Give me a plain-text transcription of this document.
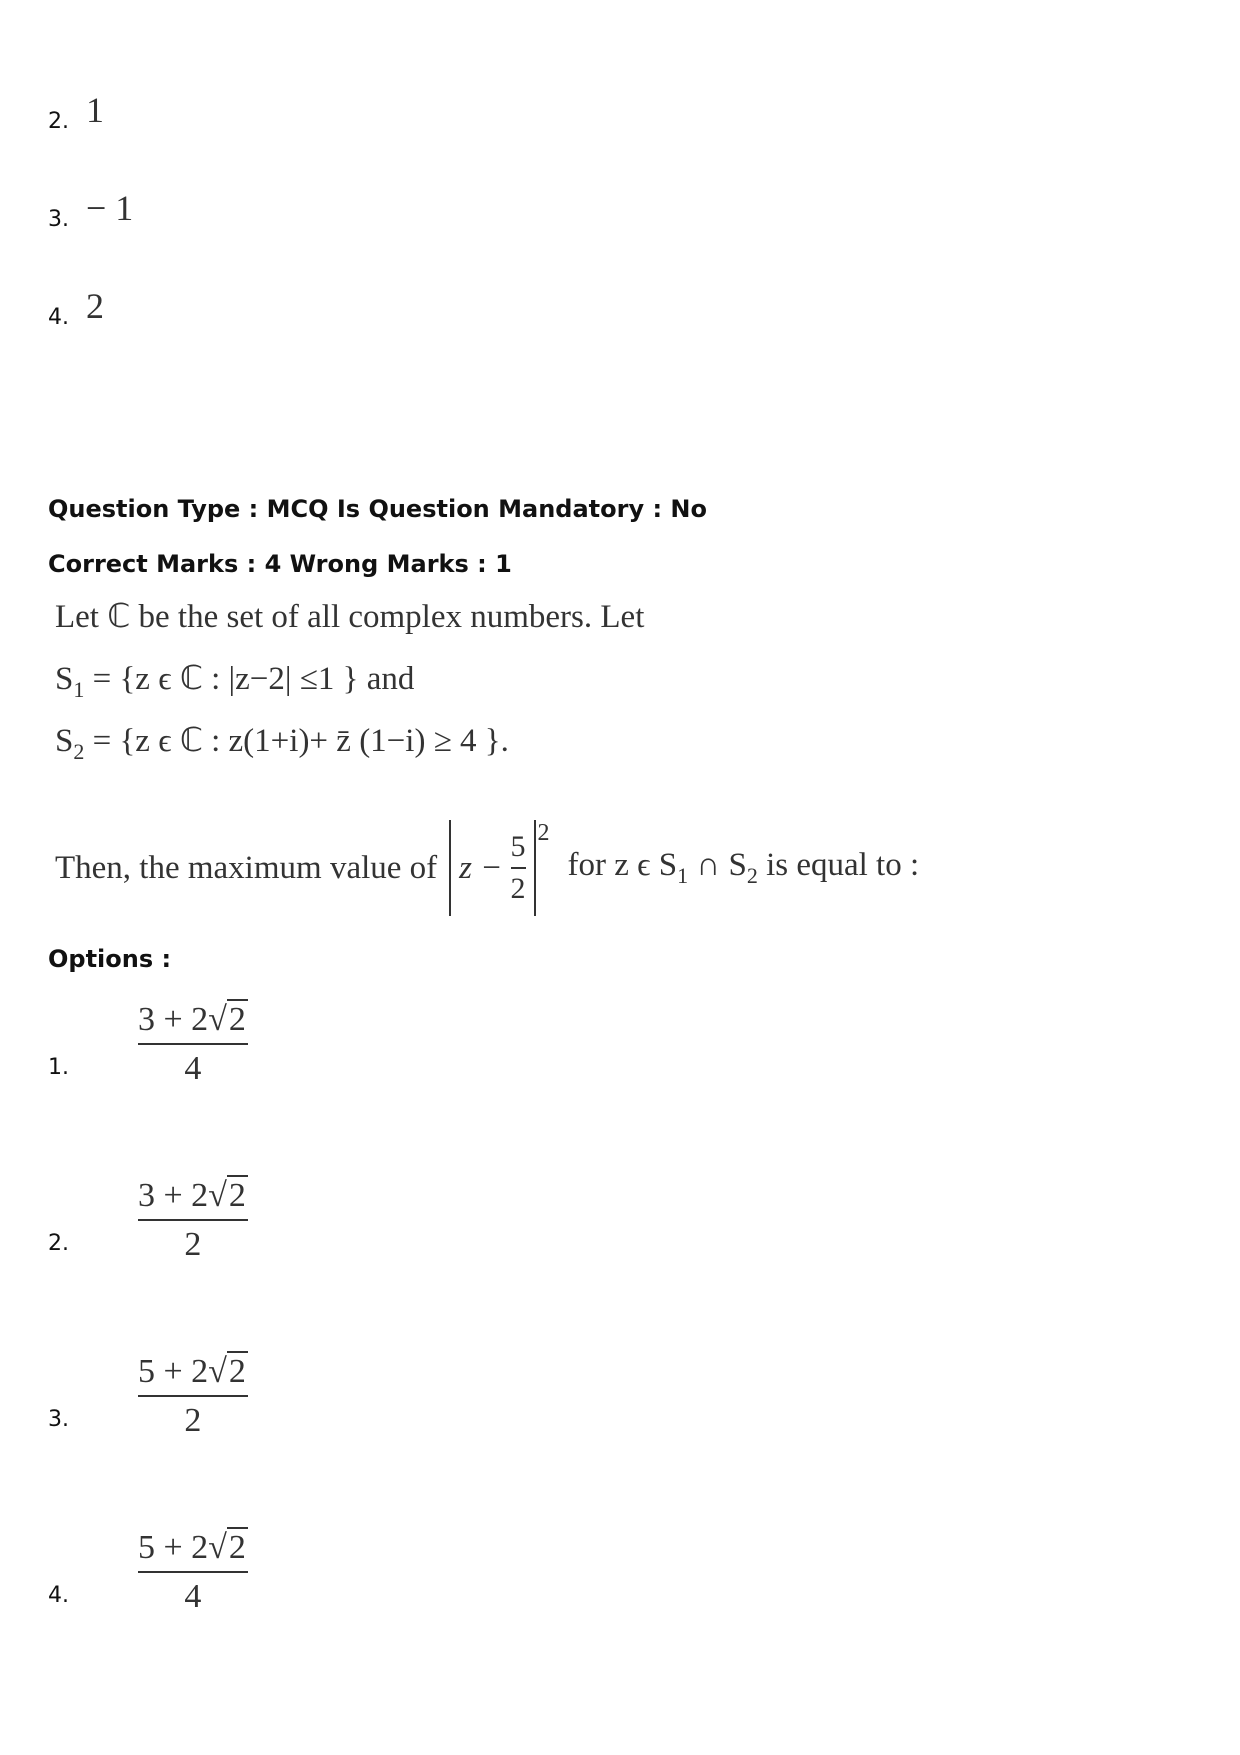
2. 1
3. − 1
4. 2
Question Type : MCQ Is Question Mandatory : No
Correct Marks : 4 Wrong Marks : 1
Let ℂ be the set of all complex numbers. Let
$S_1 = \{z$ ϵ ℂ : |z−2| ≤1 } and
$S_2 = \{z$ ϵ ℂ : z(1+i)+ z̄ (1−i) ≥ 4 }.
Then, the maximum value of $z - \frac{5}{2} 2$
for z ϵ $S_1$ ∩ $S_2$ is equal to :
Options :
1.	$\frac{3 + 2√2}{4}$
2.	$\frac{3 + 2√2}{2}$
3.	$\frac{5 + 2√2}{2}$
4.	$\frac{5 + 2√2}{4}$
